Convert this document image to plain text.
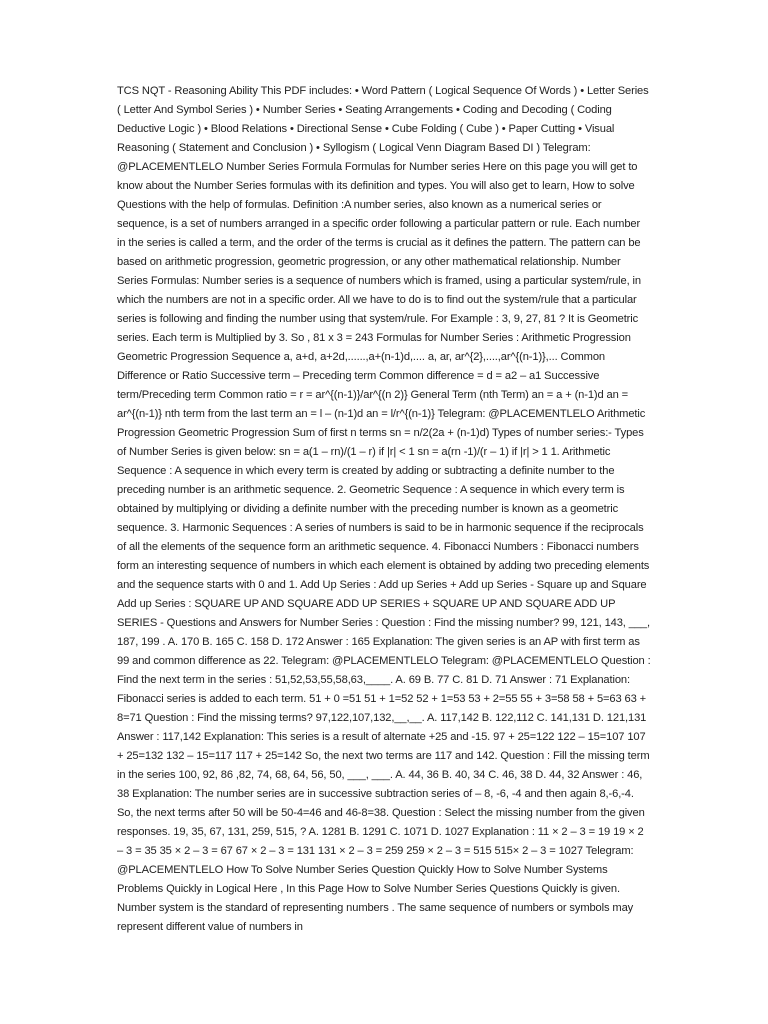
TCS NQT - Reasoning Ability This PDF includes: • Word Pattern ( Logical Sequence Of Words ) • Letter Series ( Letter And Symbol Series ) • Number Series • Seating Arrangements • Coding and Decoding ( Coding Deductive Logic ) • Blood Relations • Directional Sense • Cube Folding ( Cube ) • Paper Cutting • Visual Reasoning ( Statement and Conclusion ) • Syllogism ( Logical Venn Diagram Based DI ) Telegram: @PLACEMENTLELO Number Series Formula Formulas for Number series Here on this page you will get to know about the Number Series formulas with its definition and types. You will also get to learn, How to solve Questions with the help of formulas. Definition :A number series, also known as a numerical series or sequence, is a set of numbers arranged in a specific order following a particular pattern or rule. Each number in the series is called a term, and the order of the terms is crucial as it defines the pattern. The pattern can be based on arithmetic progression, geometric progression, or any other mathematical relationship. Number Series Formulas: Number series is a sequence of numbers which is framed, using a particular system/rule, in which the numbers are not in a specific order. All we have to do is to find out the system/rule that a particular series is following and finding the number using that system/rule. For Example : 3, 9, 27, 81 ? It is Geometric series. Each term is Multiplied by 3. So , 81 x 3 = 243 Formulas for Number Series : Arithmetic Progression Geometric Progression Sequence a, a+d, a+2d,......,a+(n-1)d,.... a, ar, ar^{2},....,ar^{(n-1)},... Common Difference or Ratio Successive term – Preceding term Common difference = d = a2 – a1 Successive term/Preceding term Common ratio = r = ar^{(n-1)}/ar^{(n 2)} General Term (nth Term) an = a + (n-1)d an = ar^{(n-1)} nth term from the last term an = l – (n-1)d an = l/r^{(n-1)} Telegram: @PLACEMENTLELO Arithmetic Progression Geometric Progression Sum of first n terms sn = n/2(2a + (n-1)d) Types of number series:- Types of Number Series is given below: sn = a(1 – rn)/(1 – r) if |r| < 1 sn = a(rn -1)/(r – 1) if |r| > 1 1. Arithmetic Sequence : A sequence in which every term is created by adding or subtracting a definite number to the preceding number is an arithmetic sequence. 2. Geometric Sequence : A sequence in which every term is obtained by multiplying or dividing a definite number with the preceding number is known as a geometric sequence. 3. Harmonic Sequences : A series of numbers is said to be in harmonic sequence if the reciprocals of all the elements of the sequence form an arithmetic sequence. 4. Fibonacci Numbers : Fibonacci numbers form an interesting sequence of numbers in which each element is obtained by adding two preceding elements and the sequence starts with 0 and 1. Add Up Series : Add up Series + Add up Series - Square up and Square Add up Series : SQUARE UP AND SQUARE ADD UP SERIES + SQUARE UP AND SQUARE ADD UP SERIES - Questions and Answers for Number Series : Question : Find the missing number? 99, 121, 143, ___, 187, 199 . A. 170 B. 165 C. 158 D. 172 Answer : 165 Explanation: The given series is an AP with first term as 99 and common difference as 22. Telegram: @PLACEMENTLELO Telegram: @PLACEMENTLELO Question : Find the next term in the series : 51,52,53,55,58,63,____. A. 69 B. 77 C. 81 D. 71 Answer : 71 Explanation: Fibonacci series is added to each term. 51 + 0 =51 51 + 1=52 52 + 1=53 53 + 2=55 55 + 3=58 58 + 5=63 63 + 8=71 Question : Find the missing terms? 97,122,107,132,__,__. A. 117,142 B. 122,112 C. 141,131 D. 121,131 Answer : 117,142 Explanation: This series is a result of alternate +25 and -15. 97 + 25=122 122 – 15=107 107 + 25=132 132 – 15=117 117 + 25=142 So, the next two terms are 117 and 142. Question : Fill the missing term in the series 100, 92, 86 ,82, 74, 68, 64, 56, 50, ___, ___. A. 44, 36 B. 40, 34 C. 46, 38 D. 44, 32 Answer : 46, 38 Explanation: The number series are in successive subtraction series of – 8, -6, -4 and then again 8,-6,-4. So, the next terms after 50 will be 50-4=46 and 46-8=38. Question : Select the missing number from the given responses. 19, 35, 67, 131, 259, 515, ? A. 1281 B. 1291 C. 1071 D. 1027 Explanation : 11 × 2 – 3 = 19 19 × 2 – 3 = 35 35 × 2 – 3 = 67 67 × 2 – 3 = 131 131 × 2 – 3 = 259 259 × 2 – 3 = 515 515× 2 – 3 = 1027 Telegram: @PLACEMENTLELO How To Solve Number Series Question Quickly How to Solve Number Systems Problems Quickly in Logical Here , In this Page How to Solve Number Series Questions Quickly is given. Number system is the standard of representing numbers . The same sequence of numbers or symbols may represent different value of numbers in
